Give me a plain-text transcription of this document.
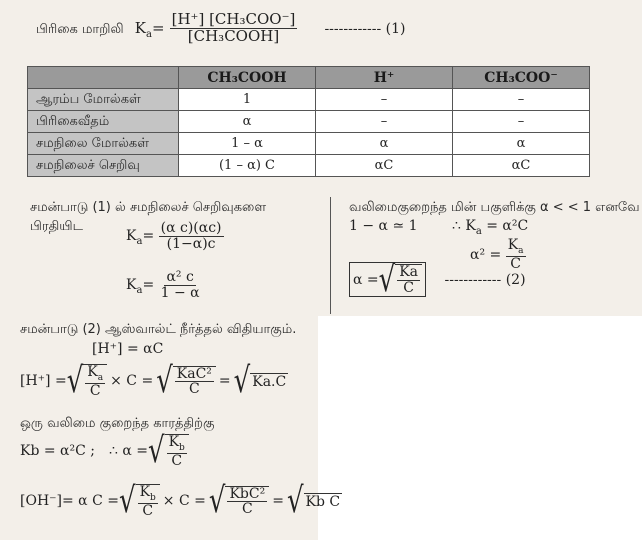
பிரிகை மாறிலி $K_a= \frac{\text{[H⁺] [CH₃COO⁻]}}{\text{[CH₃COOH]}}$ ------------ (1)
	CH₃COOH	H⁺	CH₃COO⁻
ஆரம்ப மோல்கள்	1	–	–
பிரிகைவீதம்	α	–	–
சமநிலை மோல்கள்	1 – α	α	α
சமநிலைச் செறிவு	(1 – α) C	αC	αC
சமன்பாடு (1) ல் சமநிலைச் செறிவுகளை
பிரதியிட
$K_a= \frac{\text{(α c)(αc)}}{(1-\alpha)c}$
$K_a= \frac{\text{α² c}}{1 - \alpha}$
வலிமைகுறைந்த மின் பகுளிக்கு α < < 1 எனவே
1 − α ≃ 1 ∴ $K_a = \alpha^2C$
$\alpha^2 = \frac{K_a}{C}$
α = √ $\frac{Ka}{C}$ ------------ (2)
சமன்பாடு (2) ஆஸ்வால்ட் நீர்த்தல் விதியாகும்.
[H⁺] = αC
[H⁺] = √ $\frac{K_a}{C} \times C$ = √ $\frac{\text{KaC²}}{C}$ = √ Ka.C
ஒரு வலிமை குறைந்த காரத்திற்கு
Kb = α²C ; ∴ α = √ $\frac{K_b}{C}$
[OH⁻]= α C = √ $\frac{K_b}{C} \times C$ = √ $\frac{\text{KbC²}}{C}$ = √ Kb C
